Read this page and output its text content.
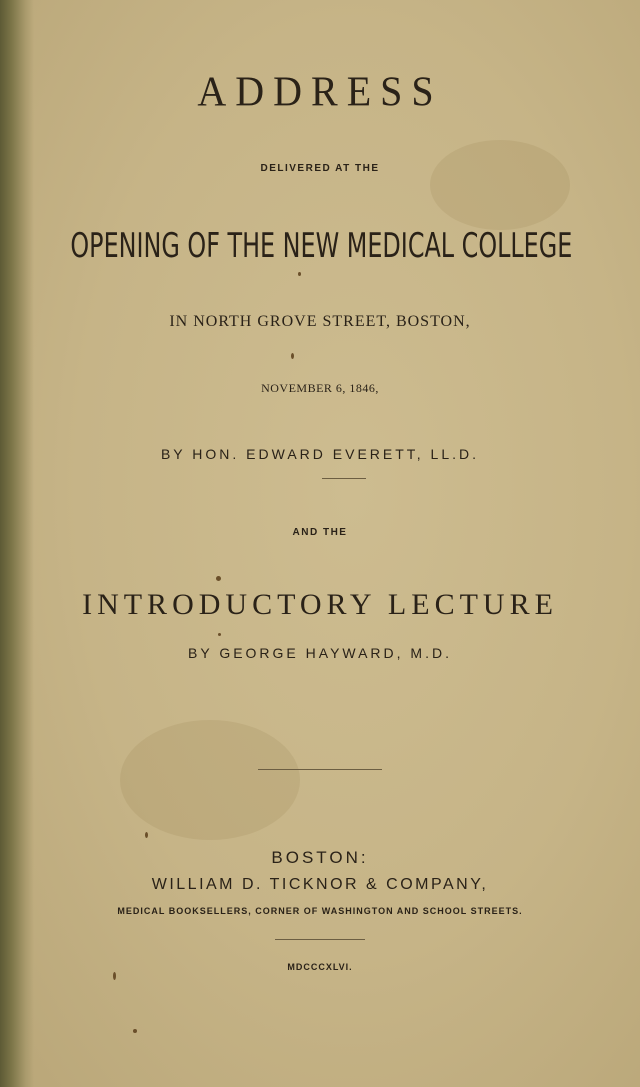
ADDRESS
DELIVERED AT THE
OPENING OF THE NEW MEDICAL COLLEGE
IN NORTH GROVE STREET, BOSTON,
NOVEMBER 6, 1846,
BY HON. EDWARD EVERETT, LL.D.
AND THE
INTRODUCTORY LECTURE
BY GEORGE HAYWARD, M.D.
BOSTON:
WILLIAM D. TICKNOR & COMPANY,
MEDICAL BOOKSELLERS, CORNER OF WASHINGTON AND SCHOOL STREETS.
MDCCCXLVI.
